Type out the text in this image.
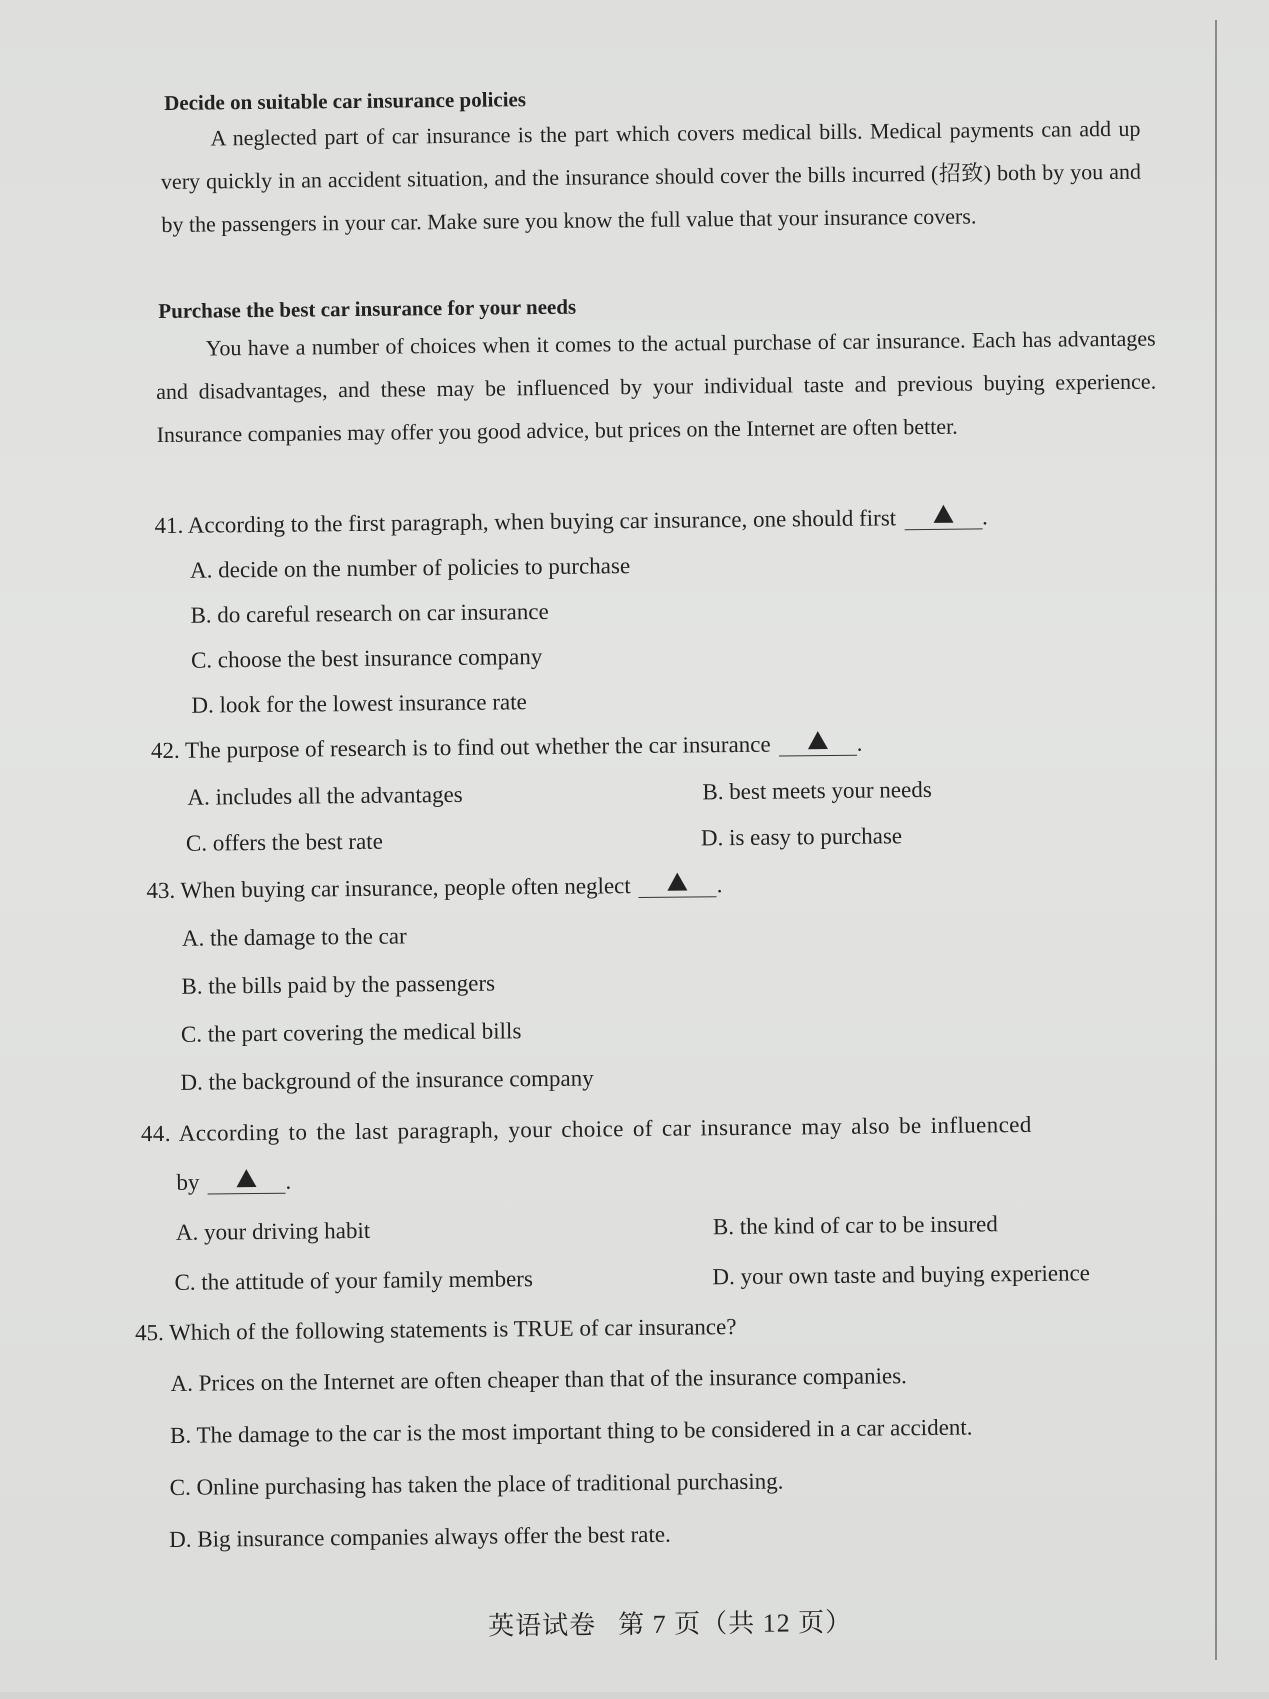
Decide on suitable car insurance policies
A neglected part of car insurance is the part which covers medical bills. Medical payments can add up very quickly in an accident situation, and the insurance should cover the bills incurred (招致) both by you and by the passengers in your car. Make sure you know the full value that your insurance covers.
Purchase the best car insurance for your needs
You have a number of choices when it comes to the actual purchase of car insurance. Each has advantages and disadvantages, and these may be influenced by your individual taste and previous buying experience. Insurance companies may offer you good advice, but prices on the Internet are often better.
41. According to the first paragraph, when buying car insurance, one should first	.
A. decide on the number of policies to purchase
B. do careful research on car insurance
C. choose the best insurance company
D. look for the lowest insurance rate
42. The purpose of research is to find out whether the car insurance	.
A. includes all the advantages	B. best meets your needs
C. offers the best rate	D. is easy to purchase
43. When buying car insurance, people often neglect	.
A. the damage to the car
B. the bills paid by the passengers
C. the part covering the medical bills
D. the background of the insurance company
44. According to the last paragraph, your choice of car insurance may also be influenced
by	.
A. your driving habit	B. the kind of car to be insured
C. the attitude of your family members	D. your own taste and buying experience
45. Which of the following statements is TRUE of car insurance?
A. Prices on the Internet are often cheaper than that of the insurance companies.
B. The damage to the car is the most important thing to be considered in a car accident.
C. Online purchasing has taken the place of traditional purchasing.
D. Big insurance companies always offer the best rate.
英语试卷 第 7 页（共 12 页）
